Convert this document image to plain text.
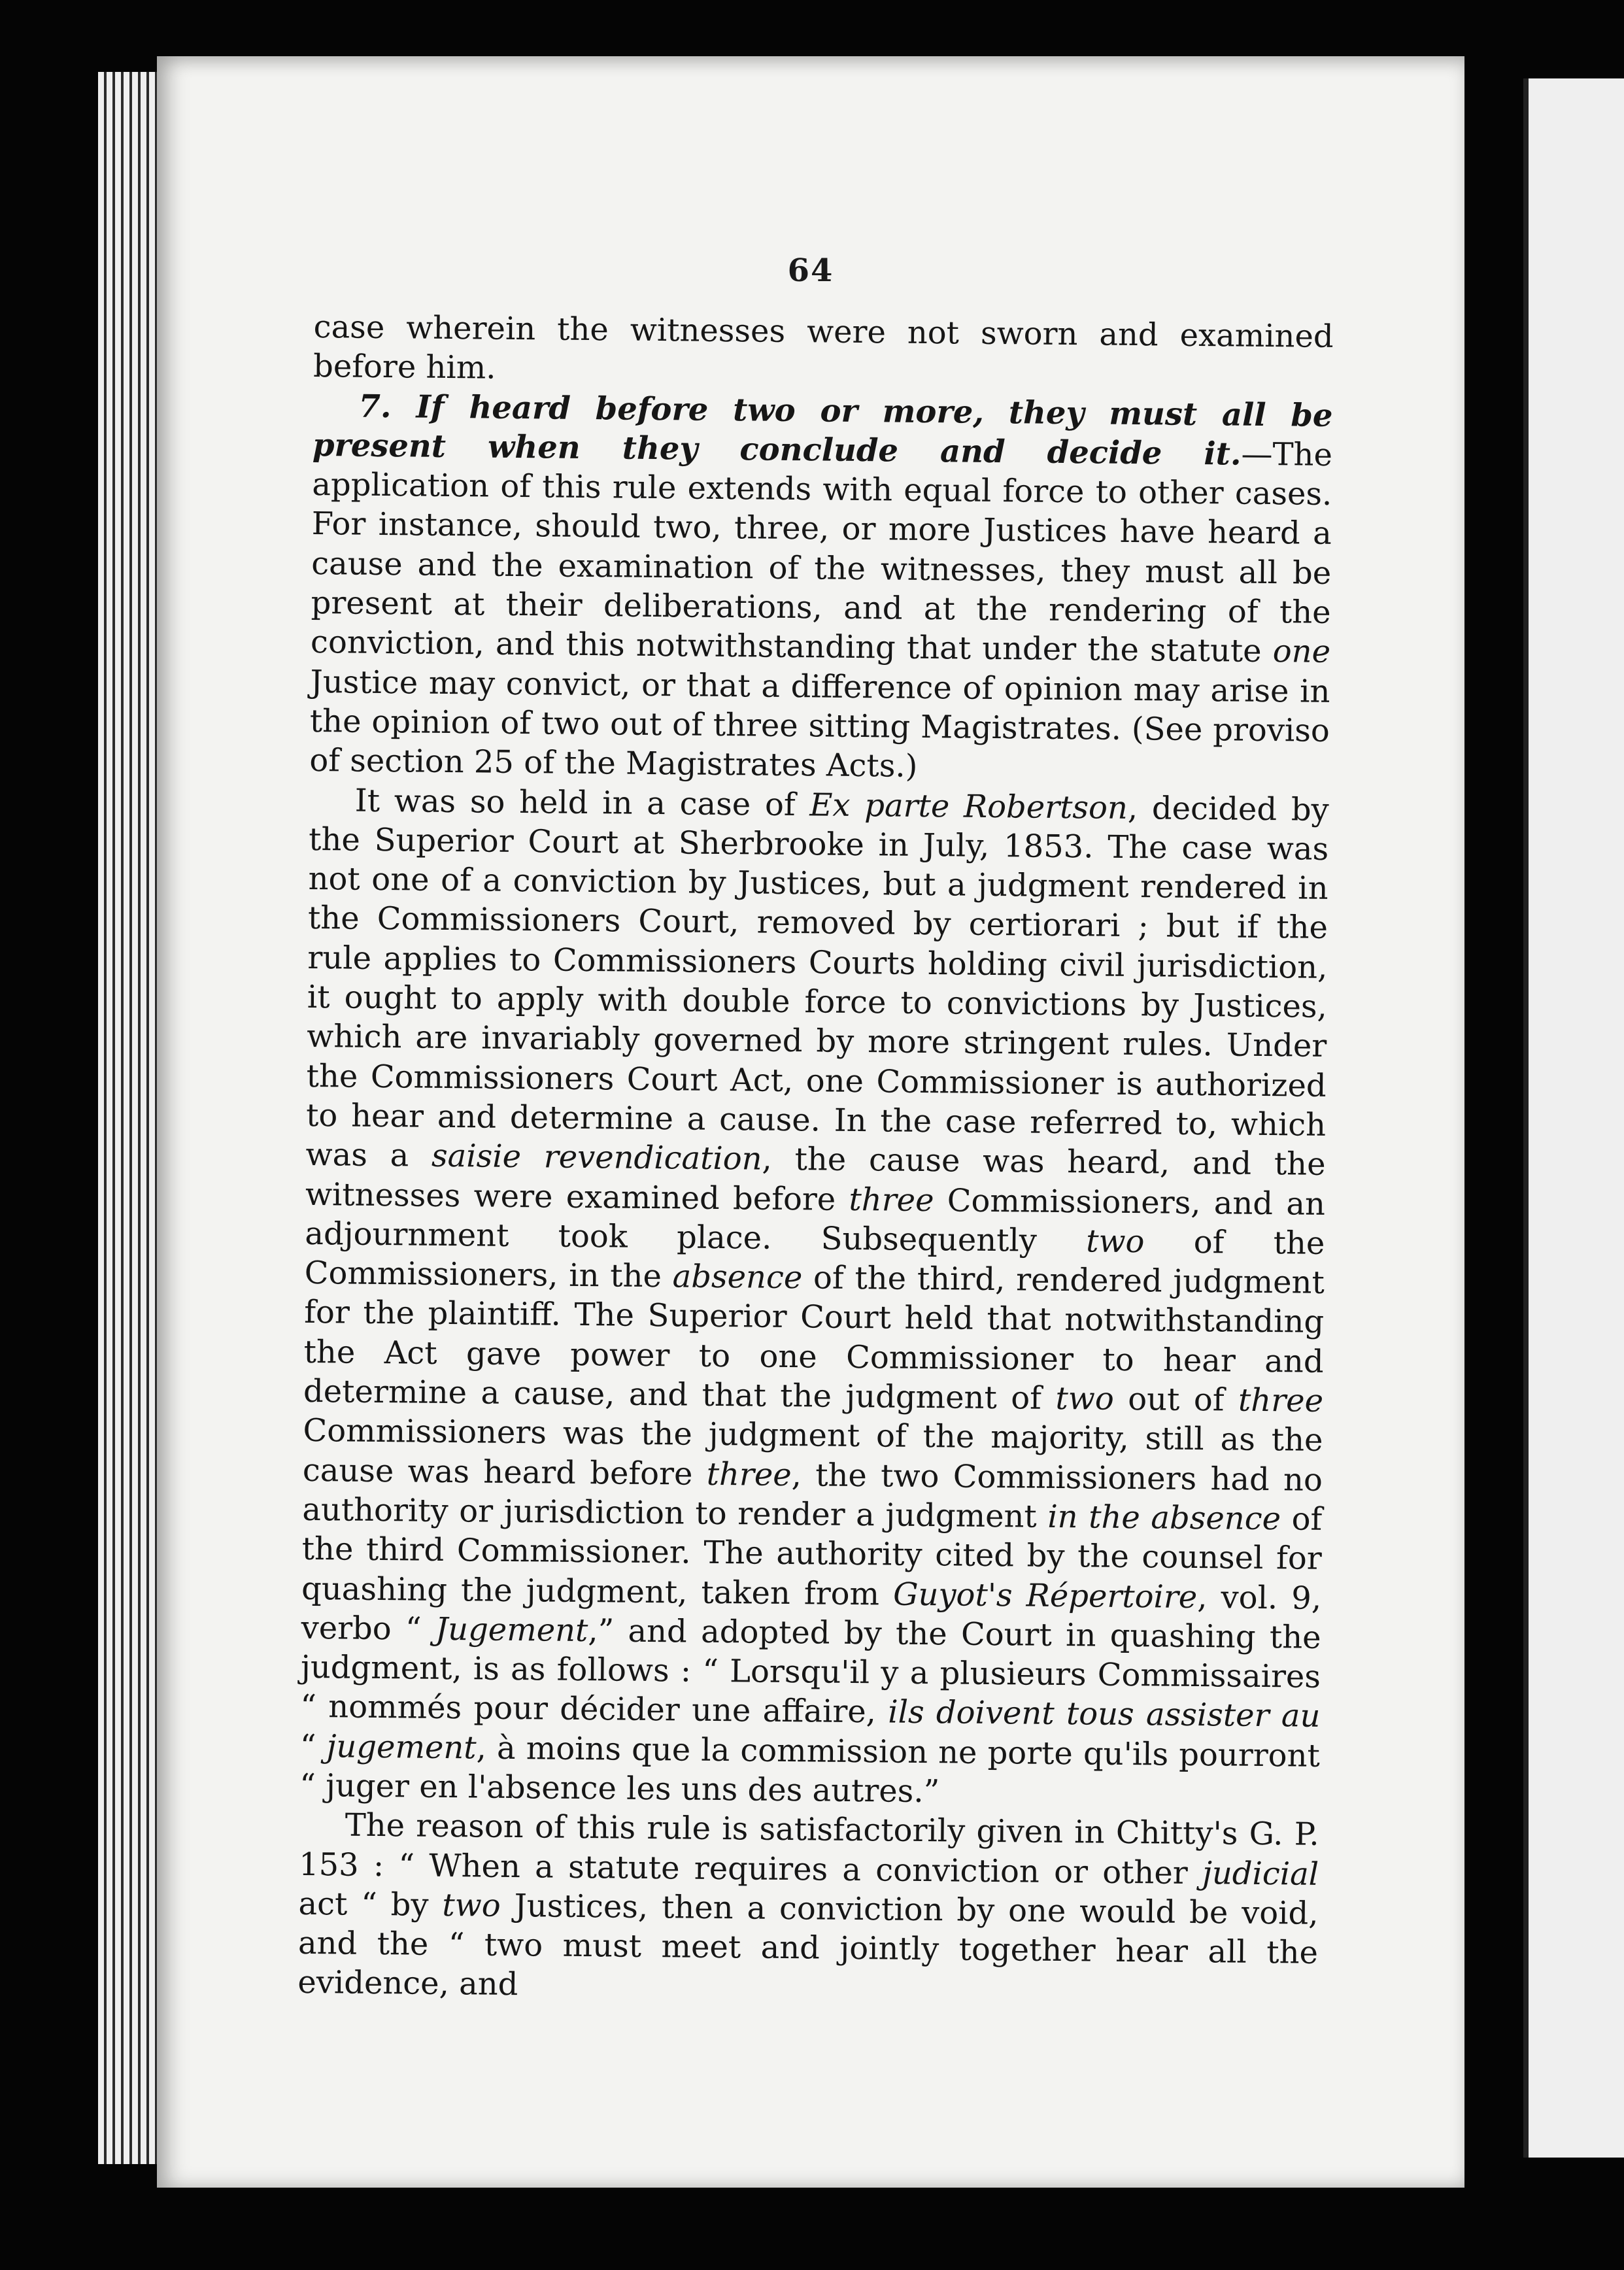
64

case wherein the witnesses were not sworn and examined before him.

7. If heard before two or more, they must all be present when they conclude and decide it.—The application of this rule extends with equal force to other cases. For instance, should two, three, or more Justices have heard a cause and the examination of the witnesses, they must all be present at their deliberations, and at the rendering of the conviction, and this notwithstanding that under the statute one Justice may convict, or that a difference of opinion may arise in the opinion of two out of three sitting Magistrates. (See proviso of section 25 of the Magistrates Acts.)

It was so held in a case of Ex parte Robertson, decided by the Superior Court at Sherbrooke in July, 1853. The case was not one of a conviction by Justices, but a judgment rendered in the Commissioners Court, removed by certiorari ; but if the rule applies to Commissioners Courts holding civil jurisdiction, it ought to apply with double force to convictions by Justices, which are invariably governed by more stringent rules. Under the Commissioners Court Act, one Commissioner is authorized to hear and determine a cause. In the case referred to, which was a saisie revendication, the cause was heard, and the witnesses were examined before three Commissioners, and an adjournment took place. Subsequently two of the Commissioners, in the absence of the third, rendered judgment for the plaintiff. The Superior Court held that notwithstanding the Act gave power to one Commissioner to hear and determine a cause, and that the judgment of two out of three Commissioners was the judgment of the majority, still as the cause was heard before three, the two Commissioners had no authority or jurisdiction to render a judgment in the absence of the third Commissioner. The authority cited by the counsel for quashing the judgment, taken from Guyot's Répertoire, vol. 9, verbo “ Jugement,” and adopted by the Court in quashing the judgment, is as follows : “ Lorsqu'il y a plusieurs Commissaires “ nommés pour décider une affaire, ils doivent tous assister au “ jugement, à moins que la commission ne porte qu'ils pourront “ juger en l'absence les uns des autres.”

The reason of this rule is satisfactorily given in Chitty's G. P. 153 : “ When a statute requires a conviction or other judicial act “ by two Justices, then a conviction by one would be void, and the “ two must meet and jointly together hear all the evidence, and
